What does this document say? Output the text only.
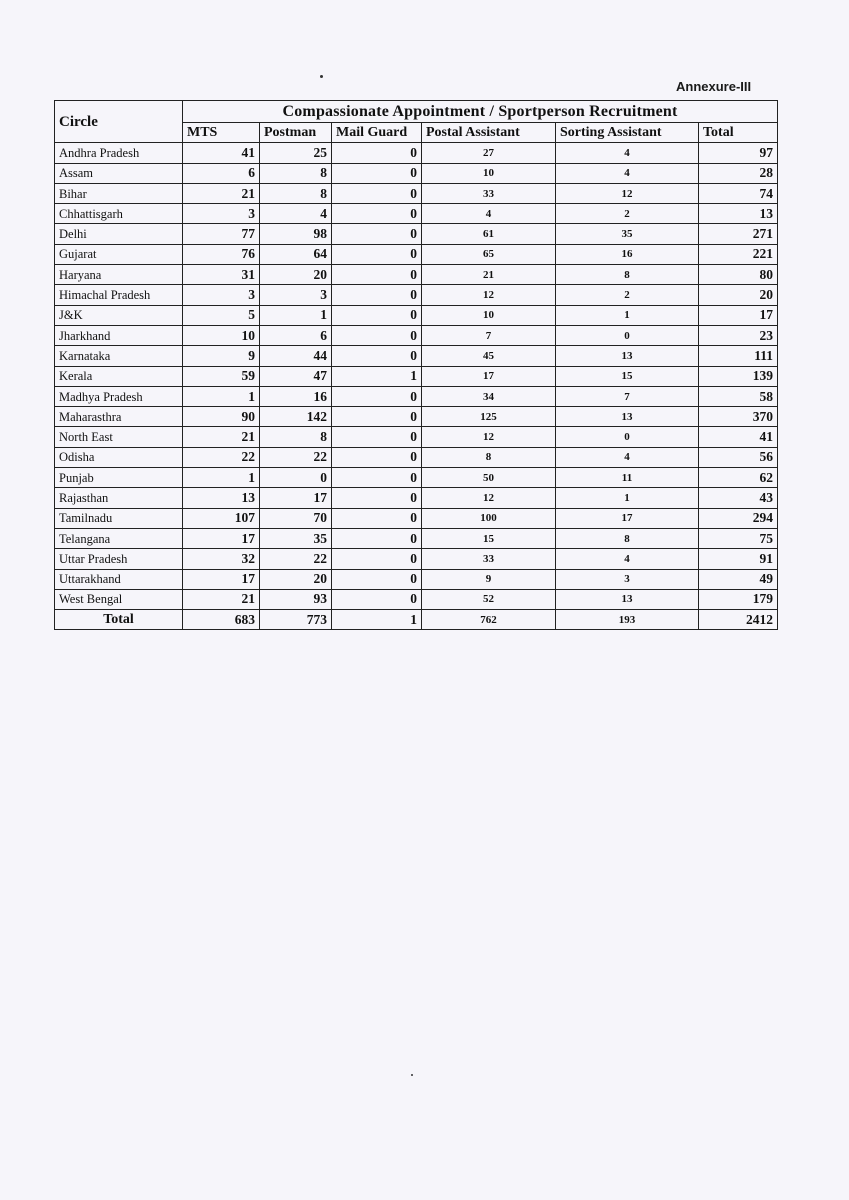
Annexure-III
Circle	Compassionate Appointment / Sportperson Recruitment					
	MTS	Postman	Mail Guard	Postal Assistant	Sorting Assistant	Total
Andhra Pradesh	41	25	0	27	4	97
Assam	6	8	0	10	4	28
Bihar	21	8	0	33	12	74
Chhattisgarh	3	4	0	4	2	13
Delhi	77	98	0	61	35	271
Gujarat	76	64	0	65	16	221
Haryana	31	20	0	21	8	80
Himachal Pradesh	3	3	0	12	2	20
J&K	5	1	0	10	1	17
Jharkhand	10	6	0	7	0	23
Karnataka	9	44	0	45	13	111
Kerala	59	47	1	17	15	139
Madhya Pradesh	1	16	0	34	7	58
Maharasthra	90	142	0	125	13	370
North East	21	8	0	12	0	41
Odisha	22	22	0	8	4	56
Punjab	1	0	0	50	11	62
Rajasthan	13	17	0	12	1	43
Tamilnadu	107	70	0	100	17	294
Telangana	17	35	0	15	8	75
Uttar Pradesh	32	22	0	33	4	91
Uttarakhand	17	20	0	9	3	49
West Bengal	21	93	0	52	13	179
Total	683	773	1	762	193	2412
